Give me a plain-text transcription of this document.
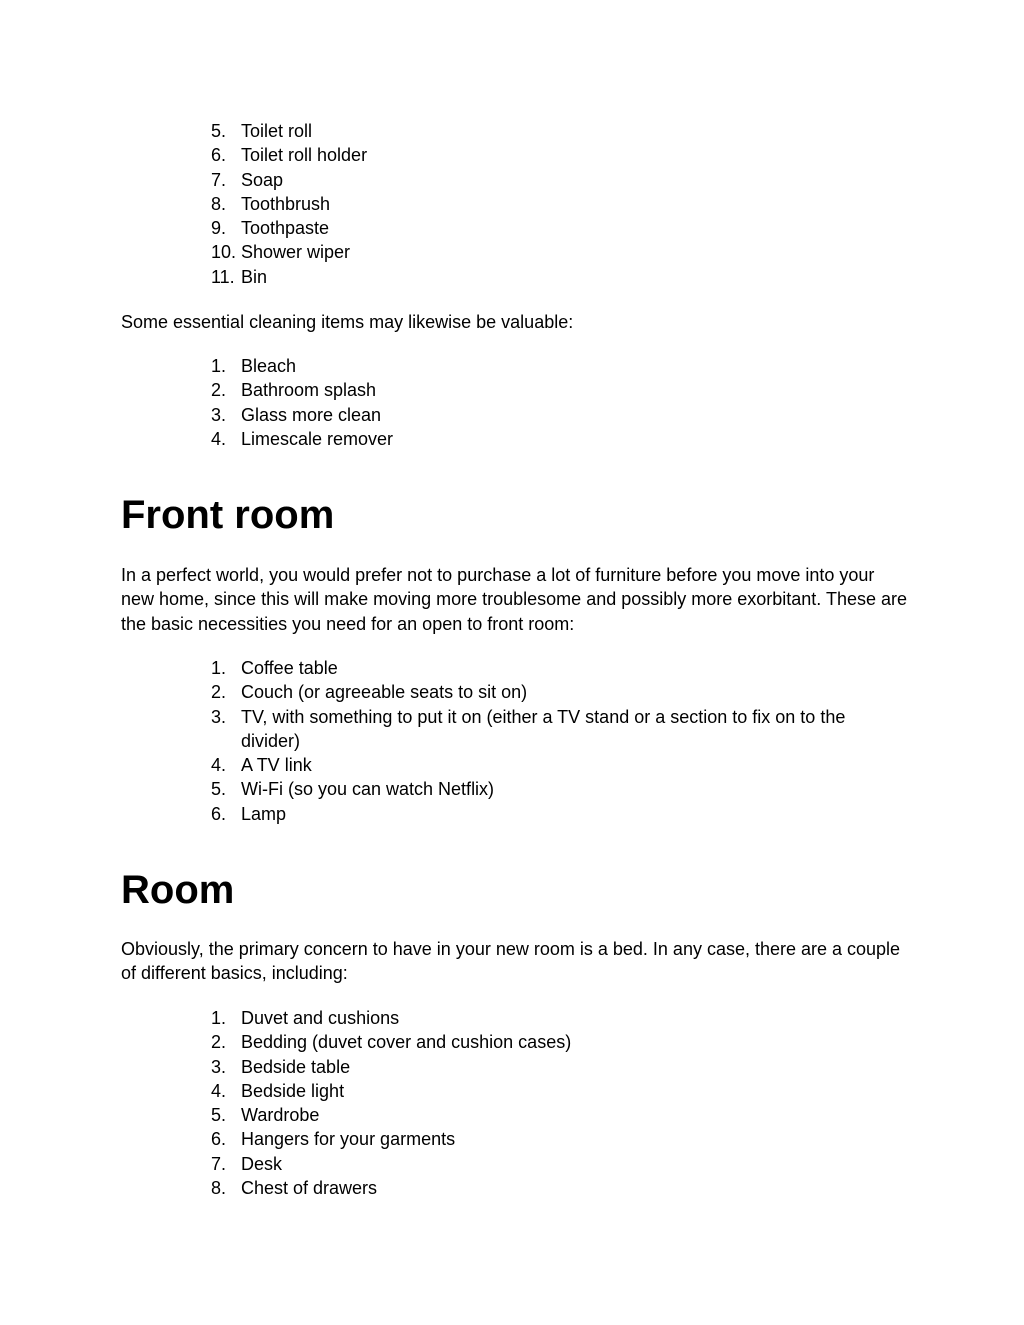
5. Toilet roll
6. Toilet roll holder
7. Soap
8. Toothbrush
9. Toothpaste
10. Shower wiper
11. Bin

Some essential cleaning items may likewise be valuable:

1. Bleach
2. Bathroom splash
3. Glass more clean
4. Limescale remover
Front room

In a perfect world, you would prefer not to purchase a lot of furniture before you move into your new home, since this will make moving more troublesome and possibly more exorbitant. These are the basic necessities you need for an open to front room:

1. Coffee table
2. Couch (or agreeable seats to sit on)
3. TV, with something to put it on (either a TV stand or a section to fix on to the divider)
4. A TV link
5. Wi-Fi (so you can watch Netflix)
6. Lamp
Room

Obviously, the primary concern to have in your new room is a bed. In any case, there are a couple of different basics, including:

1. Duvet and cushions
2. Bedding (duvet cover and cushion cases)
3. Bedside table
4. Bedside light
5. Wardrobe
6. Hangers for your garments
7. Desk
8. Chest of drawers
